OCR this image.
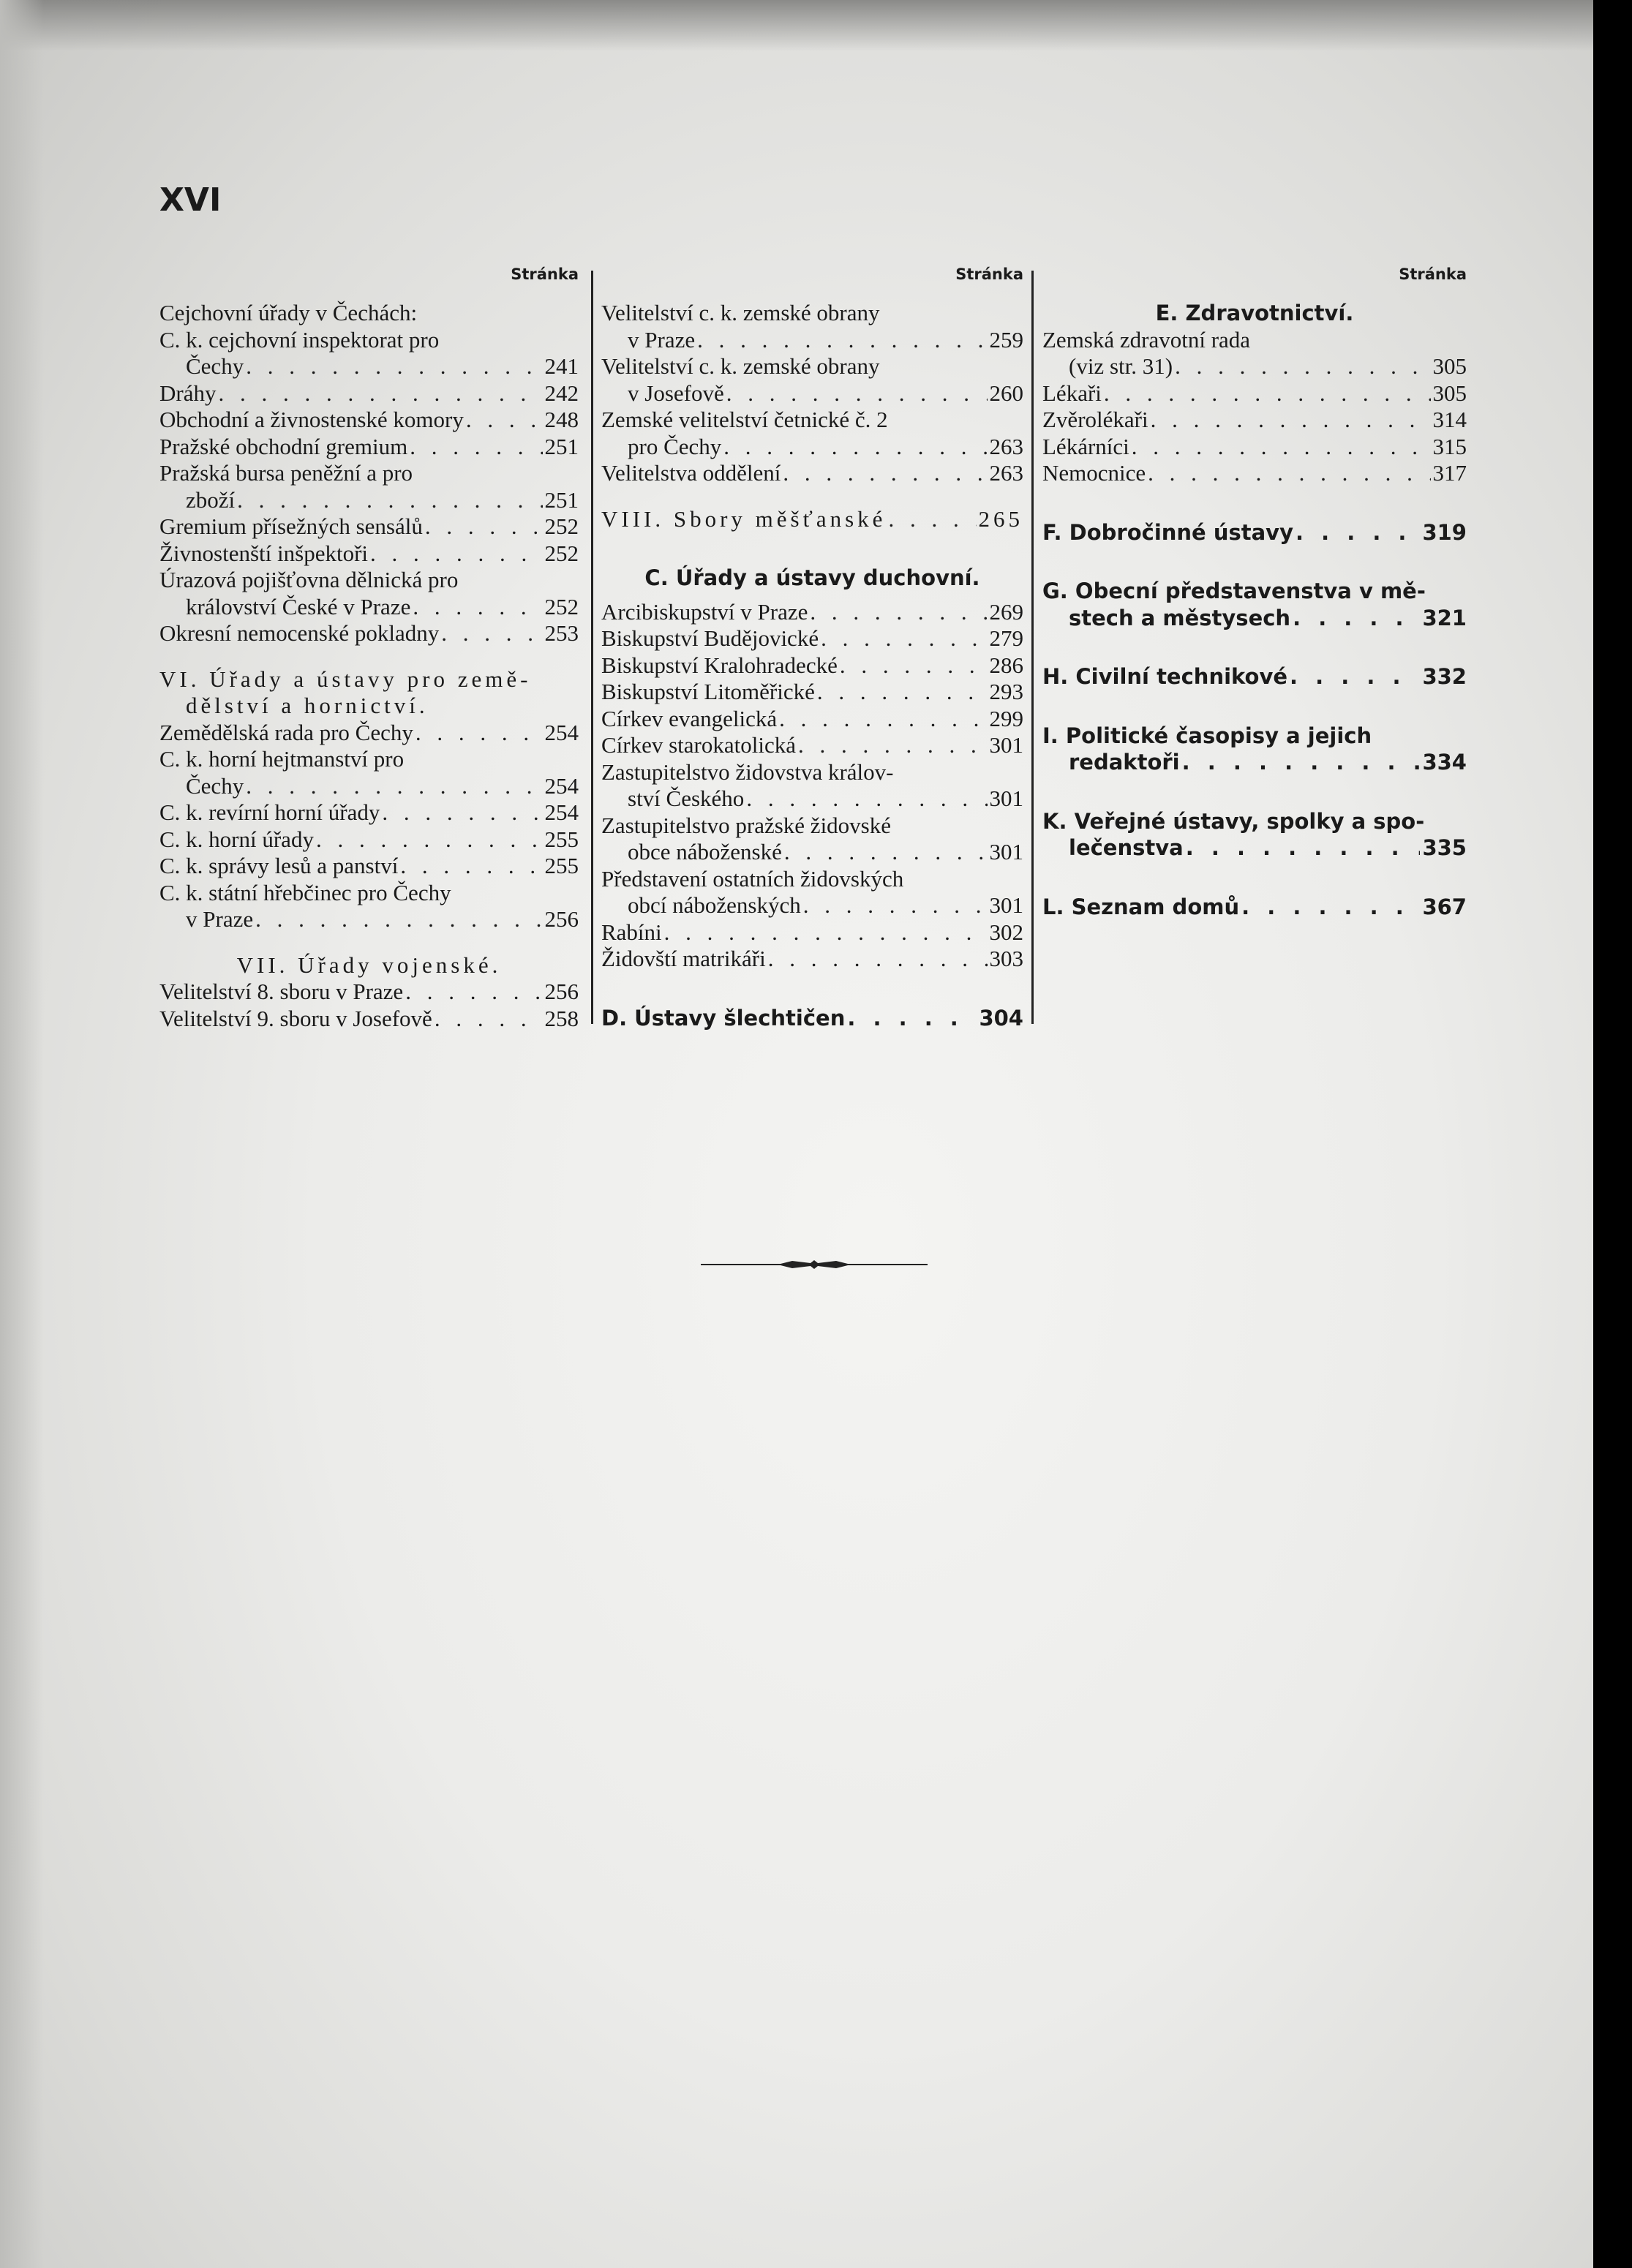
XVI
Stránka
Cejchovní úřady v Čechách:
C. k. cejchovní inspektorat pro
Čechy . . .	241
Dráhy . . .	242
Obchodní a živnostenské komory . . .	248
Pražské obchodní gremium . . .	251
Pražská bursa peněžní a pro
zboží . . .	251
Gremium přísežných sensálů . . .	252
Živnostenští inšpektoři . . .	252
Úrazová pojišťovna dělnická pro
království České v Praze . . .	252
Okresní nemocenské pokladny . . .	253
VI. Úřady a ústavy pro země-
dělství a hornictví.
Zemědělská rada pro Čechy . . .	254
C. k. horní hejtmanství pro
Čechy . . .	254
C. k. revírní horní úřady . . .	254
C. k. horní úřady . . .	255
C. k. správy lesů a panství . . .	255
C. k. státní hřebčinec pro Čechy
v Praze . . .	256
VII. Úřady vojenské.
Velitelství 8. sboru v Praze . . .	256
Velitelství 9. sboru v Josefově . . .	258
Stránka
Velitelství c. k. zemské obrany
v Praze . . .	259
Velitelství c. k. zemské obrany
v Josefově . . .	260
Zemské velitelství četnické č. 2
pro Čechy . . .	263
Velitelstva oddělení . . .	263
VIII. Sbory měšťanské . . .	265
C. Úřady a ústavy duchovní.
Arcibiskupství v Praze . . .	269
Biskupství Budějovické . . .	279
Biskupství Kralohradecké . . .	286
Biskupství Litoměřické . . .	293
Církev evangelická . . .	299
Církev starokatolická . . .	301
Zastupitelstvo židovstva králov-
ství Českého . . .	301
Zastupitelstvo pražské židovské
obce náboženské . . .	301
Představení ostatních židovských
obcí náboženských . . .	301
Rabíni . . .	302
Židovští matrikáři . . .	303
D. Ústavy šlechtičen . . .	304
Stránka
E. Zdravotnictví.
Zemská zdravotní rada
(viz str. 31) . . .	305
Lékaři . . .	305
Zvěrolékaři . . .	314
Lékárníci . . .	315
Nemocnice . . .	317
F. Dobročinné ústavy . . .	319
G. Obecní představenstva v mě-
stech a městysech . . .	321
H. Civilní technikové . . .	332
I. Politické časopisy a jejich
redaktoři . . .	334
K. Veřejné ústavy, spolky a spo-
lečenstva . . .	335
L. Seznam domů . . .	367
